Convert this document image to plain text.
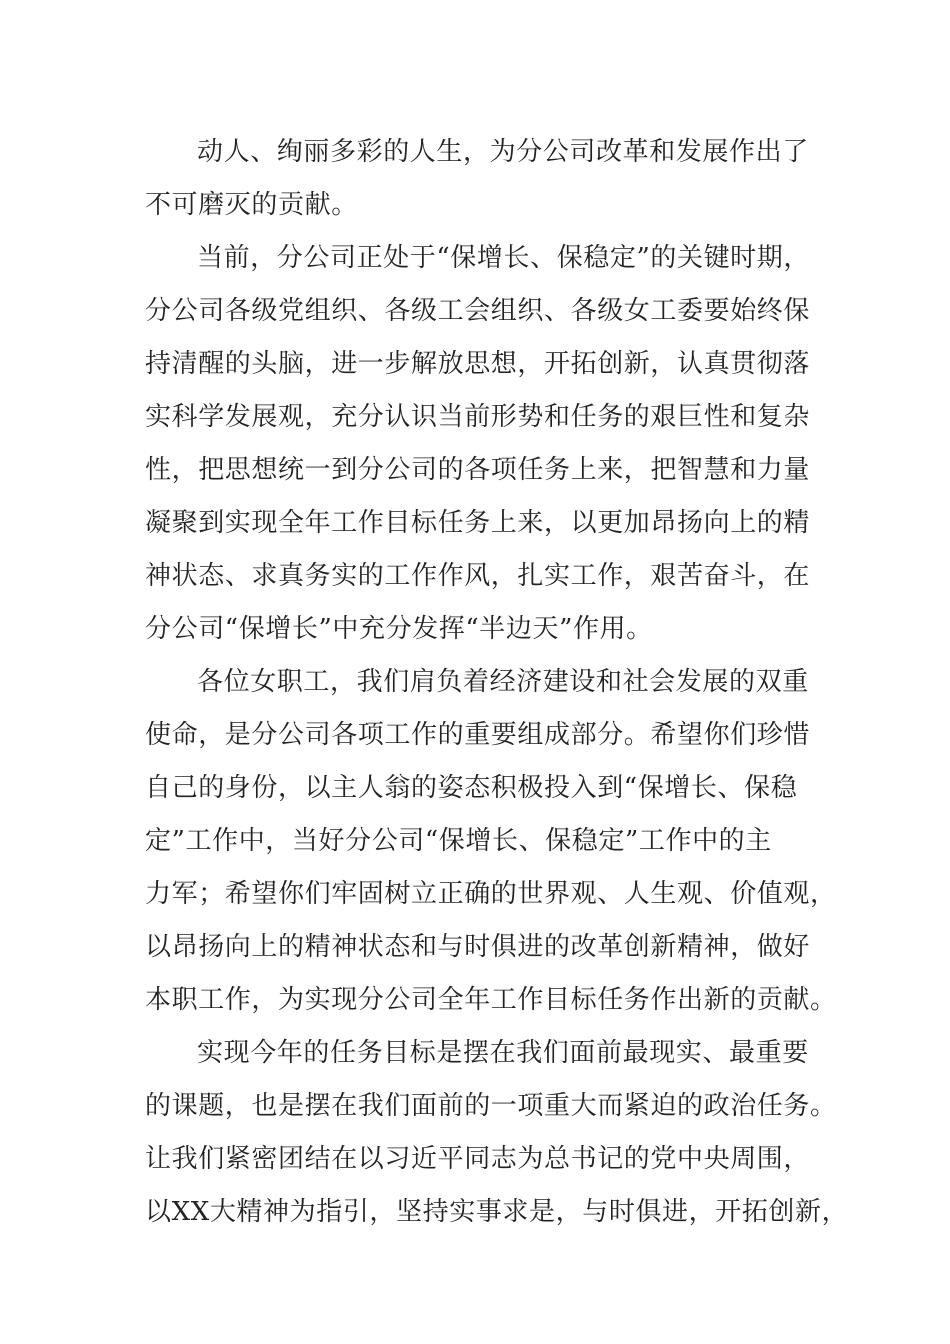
动人、绚丽多彩的人生，为分公司改革和发展作出了
不可磨灭的贡献。
当前，分公司正处于“保增长、保稳定”的关键时期，
分公司各级党组织、各级工会组织、各级女工委要始终保
持清醒的头脑，进一步解放思想，开拓创新，认真贯彻落
实科学发展观，充分认识当前形势和任务的艰巨性和复杂
性，把思想统一到分公司的各项任务上来，把智慧和力量
凝聚到实现全年工作目标任务上来，以更加昂扬向上的精
神状态、求真务实的工作作风，扎实工作，艰苦奋斗，在
分公司“保增长”中充分发挥“半边天”作用。
各位女职工，我们肩负着经济建设和社会发展的双重
使命，是分公司各项工作的重要组成部分。希望你们珍惜
自己的身份，以主人翁的姿态积极投入到“保增长、保稳
定”工作中，当好分公司“保增长、保稳定”工作中的主
力军；希望你们牢固树立正确的世界观、人生观、价值观，
以昂扬向上的精神状态和与时俱进的改革创新精神，做好
本职工作，为实现分公司全年工作目标任务作出新的贡献。
实现今年的任务目标是摆在我们面前最现实、最重要
的课题，也是摆在我们面前的一项重大而紧迫的政治任务。
让我们紧密团结在以习近平同志为总书记的党中央周围，
以XX大精神为指引，坚持实事求是，与时俱进，开拓创新，
